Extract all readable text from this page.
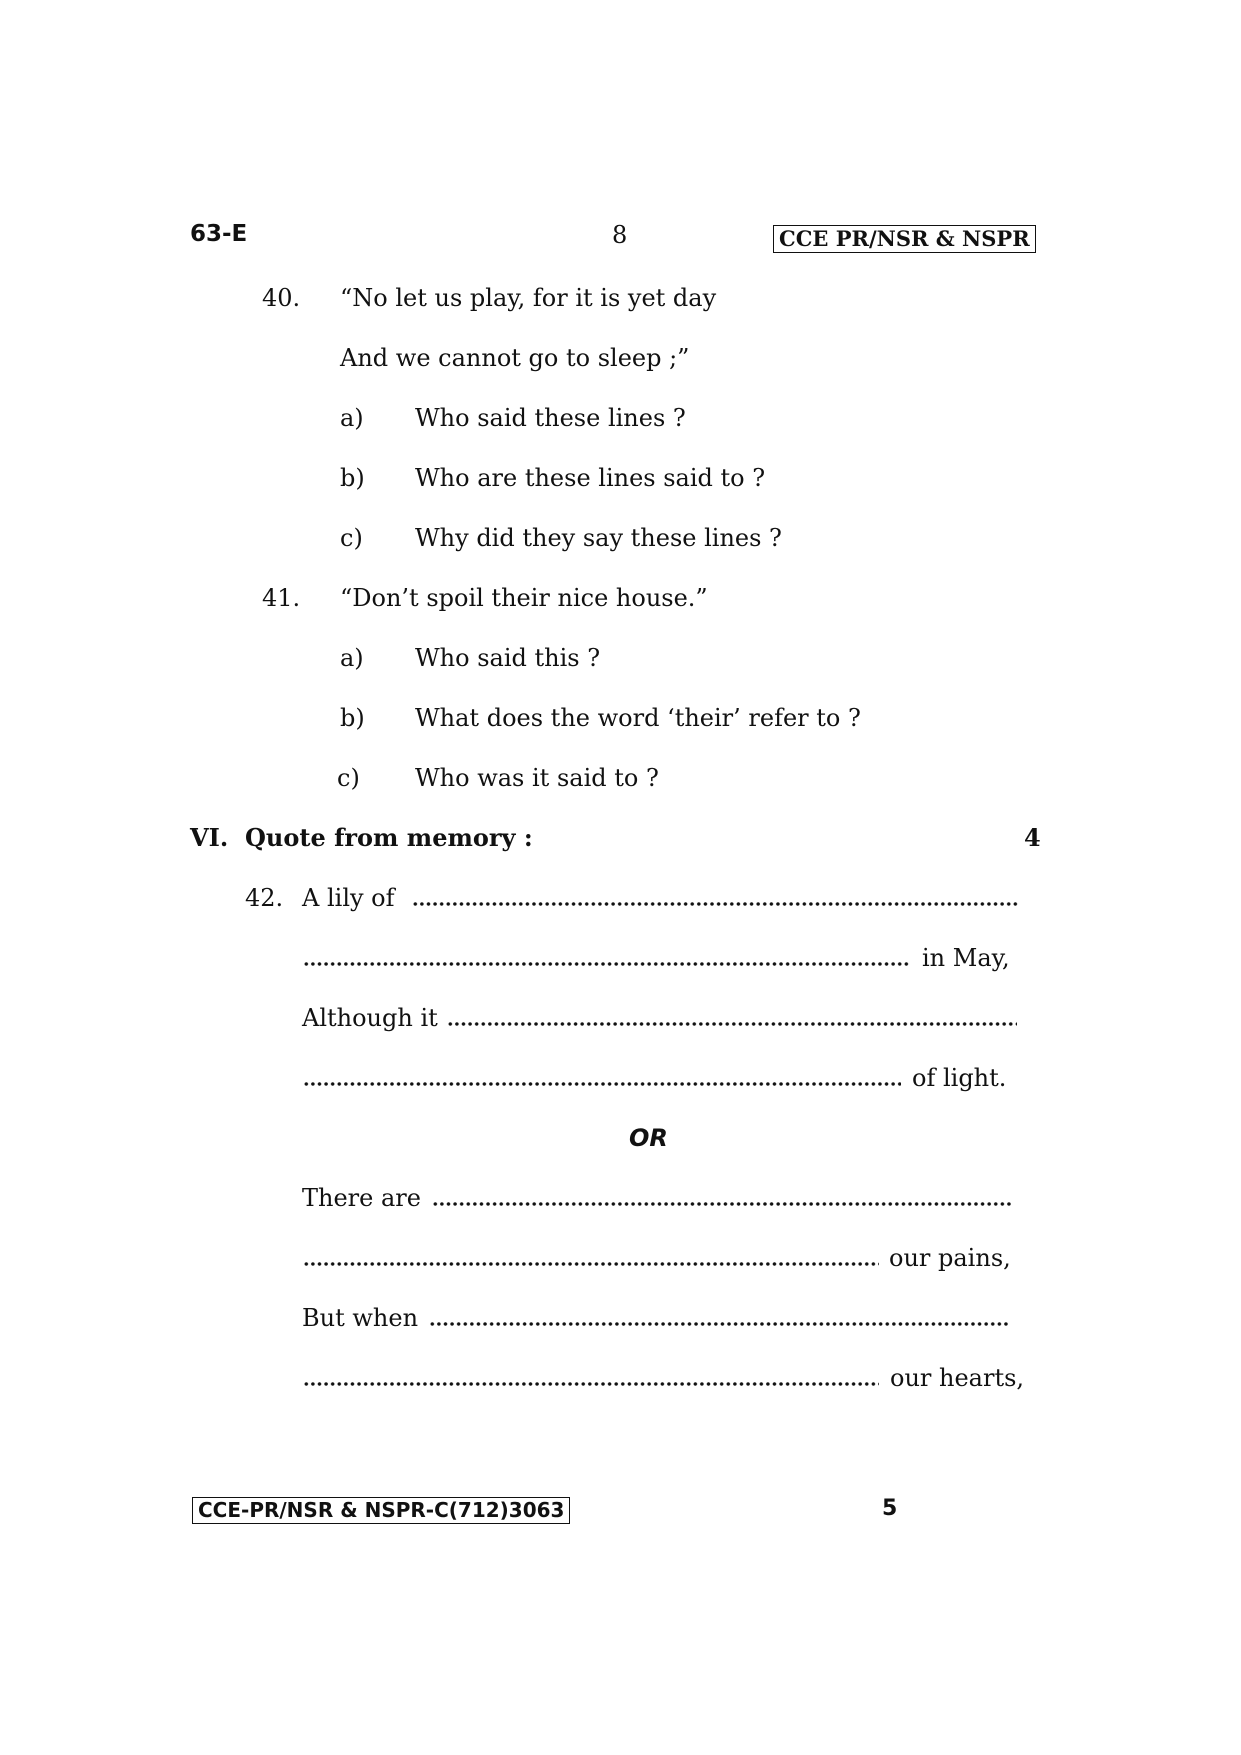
63-E	8	CCE PR/NSR & NSPR
40. “No let us play, for it is yet day
And we cannot go to sleep ;”
a) Who said these lines ?
b) Who are these lines said to ?
c) Why did they say these lines ?
41. “Don’t spoil their nice house.”
a) Who said this ?
b) What does the word ‘their’ refer to ?
c) Who was it said to ?
VI. Quote from memory :	4
42. A lily of
in May,
Although it
of light.
OR
There are
our pains,
But when
our hearts,
CCE-PR/NSR & NSPR-C(712)3063	5
